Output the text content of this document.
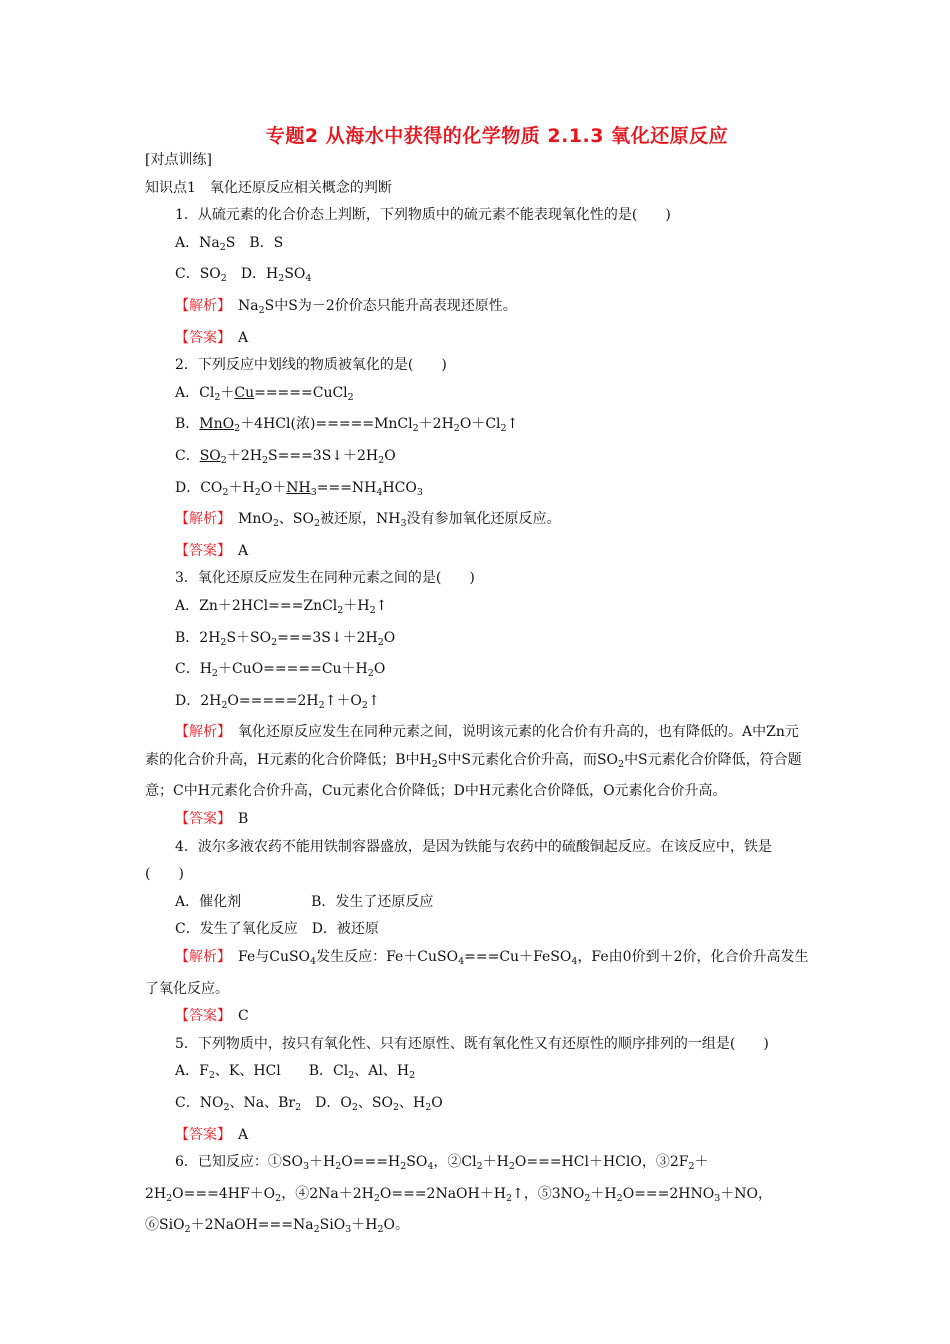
专题2 从海水中获得的化学物质 2.1.3 氧化还原反应
[对点训练]
知识点1　氧化还原反应相关概念的判断
1．从硫元素的化合价态上判断，下列物质中的硫元素不能表现氧化性的是(　　)
A．$Na_2S$　B．S
C．$SO_2$　D．$H_2SO_4$
【解析】　$Na_2S$中S为－2价价态只能升高表现还原性。
【答案】　A
2．下列反应中划线的物质被氧化的是(　　)
A．$Cl_2+Cu=====CuCl_2$
B．MnO$_2$＋4HCl(浓)$=====MnCl_2+2H_2O+Cl_2↑$
C．$SO_2+2H_2S===3S↓+2H_2O$
D．$CO_2+H_2O+NH_3===NH_4HCO_3$
【解析】　MnO$_2$、$SO_2$被还原，$NH_3$没有参加氧化还原反应。
【答案】　A
3．氧化还原反应发生在同种元素之间的是(　　)
A．$Zn+2HCl===ZnCl_2+H_2↑$
B．$2H_2S+SO_2===3S↓+2H_2O$
C．$H_2+CuO=====Cu+H_2O$
D．$2H_2O=====2H_2↑+O_2↑$
【解析】　氧化还原反应发生在同种元素之间，说明该元素的化合价有升高的，也有降低的。A中Zn元素的化合价升高，H元素的化合价降低；B中$H_2S$中S元素化合价升高，而$SO_2$中S元素化合价降低，符合题意；C中H元素化合价升高，Cu元素化合价降低；D中H元素化合价降低，O元素化合价升高。
【答案】　B
4．波尔多液农药不能用铁制容器盛放，是因为铁能与农药中的硫酸铜起反应。在该反应中，铁是(　　)
A．催化剂　　　　　B．发生了还原反应
C．发生了氧化反应　D．被还原
【解析】　Fe与CuSO$_4$发生反应：Fe＋CuSO$_4$===Cu＋FeSO$_4$，Fe由0价到＋2价，化合价升高发生了氧化反应。
【答案】　C
5．下列物质中，按只有氧化性、只有还原性、既有氧化性又有还原性的顺序排列的一组是(　　)
A．$F_2$、K、HCl　　B．$Cl_2$、Al、$H_2$
C．$NO_2$、Na、$Br_2$　D．$O_2$、$SO_2$、$H_2O$
【答案】　A
6．已知反应：$①SO_3+H_2O===H_2SO_4$，$②Cl_2+H_2O===HCl+HClO$，$③2F_2+2H_2O===4HF+O_2$，$④2Na+2H_2O===2NaOH+H_2↑$，$⑤3NO_2+H_2O===2HNO_3+NO$，$⑥SiO_2+2NaOH===Na_2SiO_3+H_2O$。
